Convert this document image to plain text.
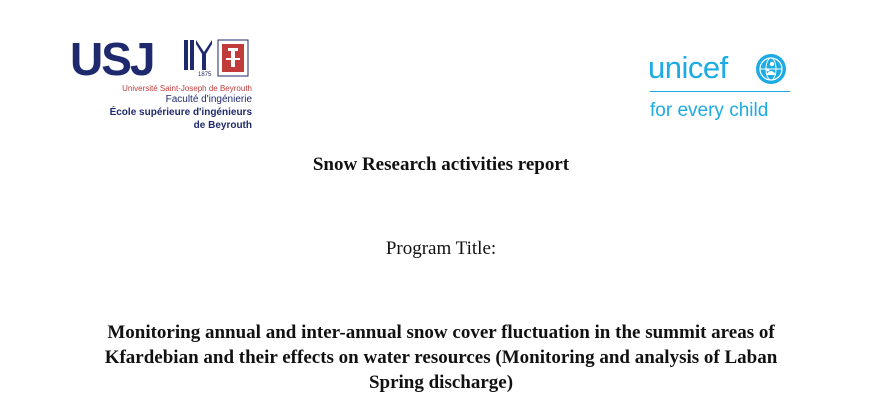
USJ	1875
Université Saint-Joseph de Beyrouth
Faculté d'ingénierie
École supérieure d'ingénieurs
de Beyrouth
unicef
for every child
Snow Research activities report
Program Title:
Monitoring annual and inter-annual snow cover fluctuation in the summit areas of Kfardebian and their effects on water resources (Monitoring and analysis of Laban Spring discharge)
